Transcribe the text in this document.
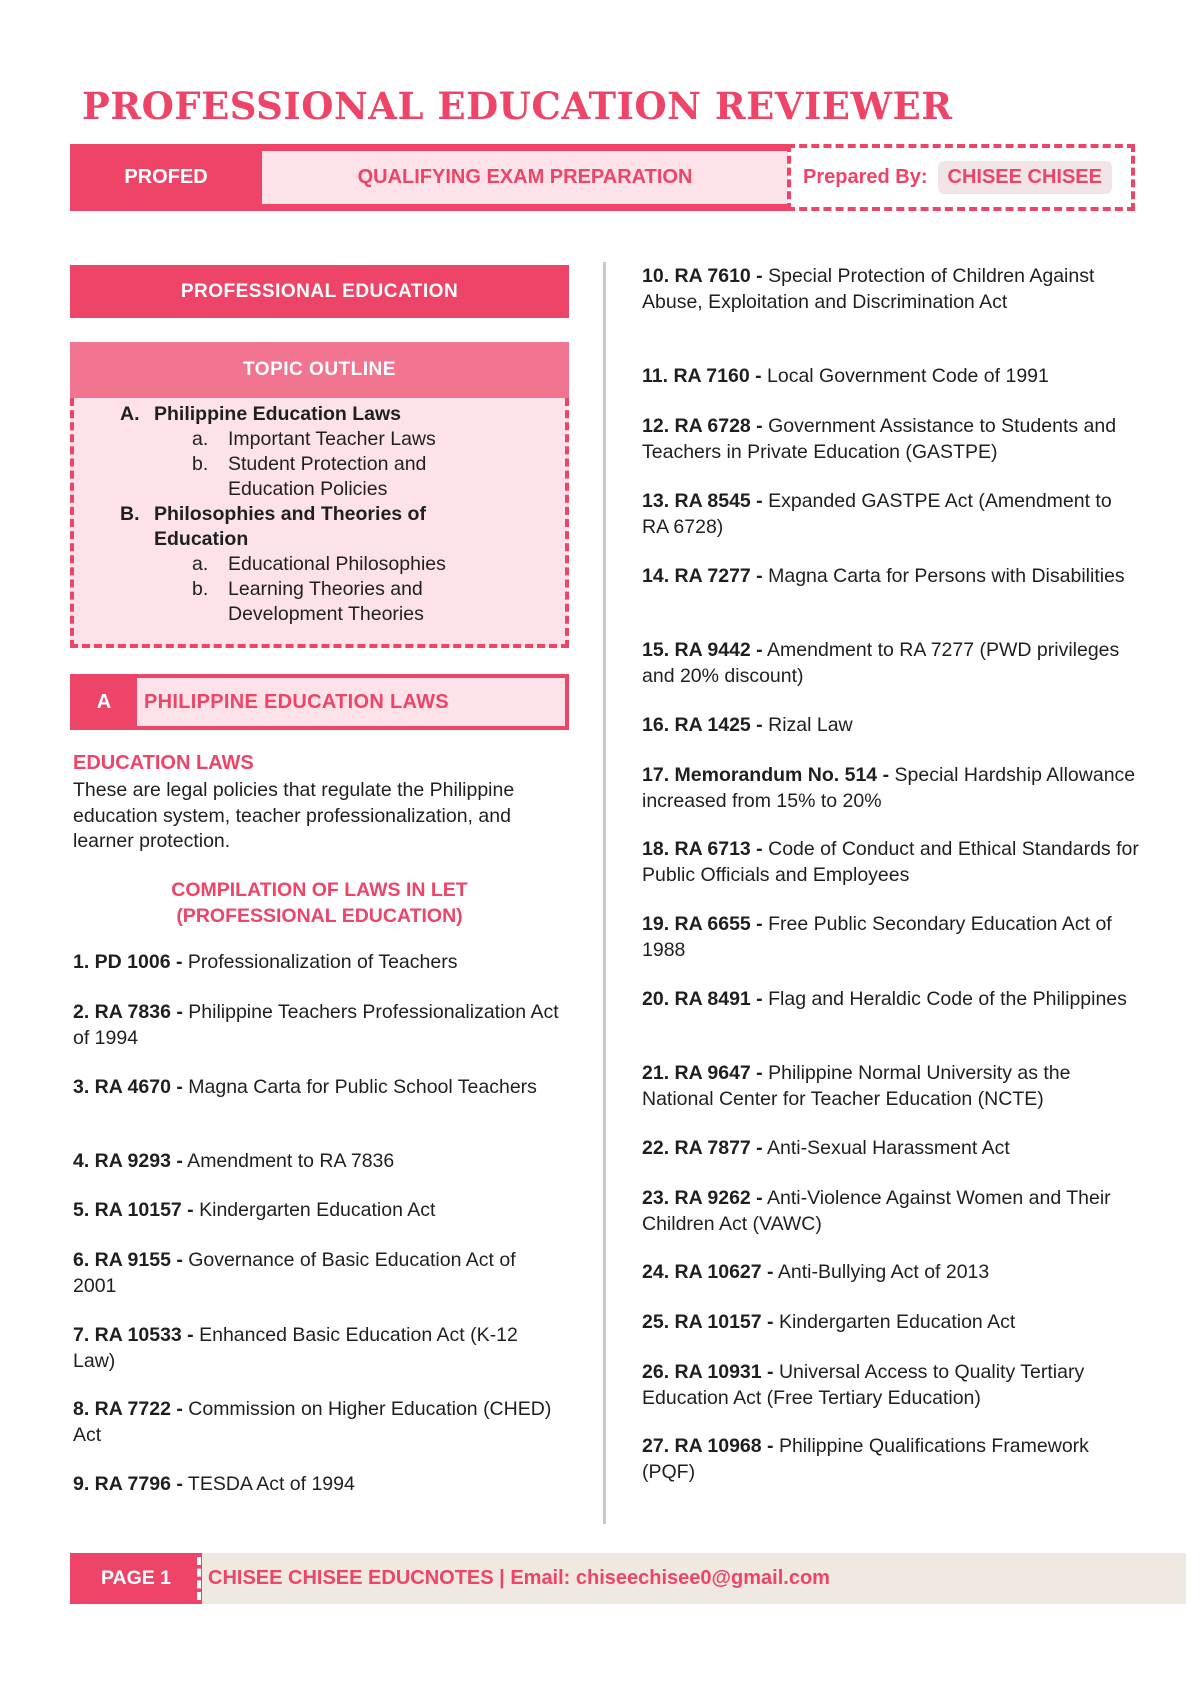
PROFESSIONAL EDUCATION REVIEWER
PROFED	QUALIFYING EXAM PREPARATION	Prepared By:	CHISEE CHISEE
PROFESSIONAL EDUCATION
TOPIC OUTLINE
A. Philippine Education Laws
a. Important Teacher Laws
b. Student Protection and
Education Policies
B. Philosophies and Theories of
Education
a. Educational Philosophies
b. Learning Theories and
Development Theories
A	PHILIPPINE EDUCATION LAWS
EDUCATION LAWS
These are legal policies that regulate the Philippine education system, teacher professionalization, and learner protection.
COMPILATION OF LAWS IN LET
(PROFESSIONAL EDUCATION)
1. PD 1006 - Professionalization of Teachers
2. RA 7836 - Philippine Teachers Professionalization Act of 1994
3. RA 4670 - Magna Carta for Public School Teachers
4. RA 9293 - Amendment to RA 7836
5. RA 10157 - Kindergarten Education Act
6. RA 9155 - Governance of Basic Education Act of 2001
7. RA 10533 - Enhanced Basic Education Act (K-12 Law)
8. RA 7722 - Commission on Higher Education (CHED) Act
9. RA 7796 - TESDA Act of 1994
10. RA 7610 - Special Protection of Children Against Abuse, Exploitation and Discrimination Act
11. RA 7160 - Local Government Code of 1991
12. RA 6728 - Government Assistance to Students and Teachers in Private Education (GASTPE)
13. RA 8545 - Expanded GASTPE Act (Amendment to RA 6728)
14. RA 7277 - Magna Carta for Persons with Disabilities
15. RA 9442 - Amendment to RA 7277 (PWD privileges and 20% discount)
16. RA 1425 - Rizal Law
17. Memorandum No. 514 - Special Hardship Allowance increased from 15% to 20%
18. RA 6713 - Code of Conduct and Ethical Standards for Public Officials and Employees
19. RA 6655 - Free Public Secondary Education Act of 1988
20. RA 8491 - Flag and Heraldic Code of the Philippines
21. RA 9647 - Philippine Normal University as the National Center for Teacher Education (NCTE)
22. RA 7877 - Anti-Sexual Harassment Act
23. RA 9262 - Anti-Violence Against Women and Their Children Act (VAWC)
24. RA 10627 - Anti-Bullying Act of 2013
25. RA 10157 - Kindergarten Education Act
26. RA 10931 - Universal Access to Quality Tertiary Education Act (Free Tertiary Education)
27. RA 10968 - Philippine Qualifications Framework (PQF)
PAGE 1	CHISEE CHISEE EDUCNOTES | Email: chiseechisee0@gmail.com
